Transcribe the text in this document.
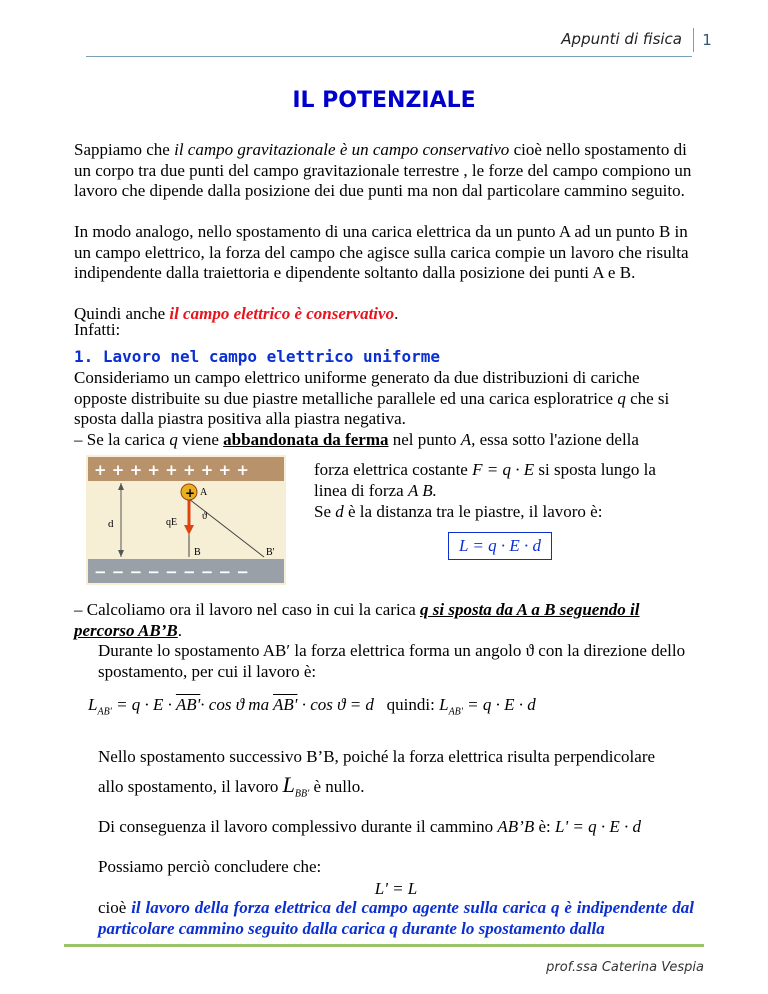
Appunti di fisica	1
IL POTENZIALE

Sappiamo che il campo gravitazionale è un campo conservativo cioè nello spostamento di un corpo tra due punti del campo gravitazionale terrestre , le forze del campo compiono un lavoro che dipende dalla posizione dei due punti ma non dal particolare cammino seguito.

In modo analogo, nello spostamento di una carica elettrica da un punto A ad un punto B in un campo elettrico, la forza del campo che agisce sulla carica compie un lavoro che risulta indipendente dalla traiettoria e dipendente soltanto dalla posizione dei punti A e B.

Quindi anche il campo elettrico è conservativo.

Infatti:

1. Lavoro nel campo elettrico uniforme

Consideriamo un campo elettrico uniforme generato da due distribuzioni di cariche opposte distribuite su due piastre metalliche parallele ed una carica esploratrice q che si sposta dalla piastra positiva alla piastra negativa.

– Se la carica q viene abbandonata da ferma nel punto A, essa sotto l'azione della

+ + + + + + + + +
− − − − − − − − −
d
+ A
qE
ϑ
B	B'

forza elettrica costante F = q · E si sposta lungo la

linea di forza A B.

Se d è la distanza tra le piastre, il lavoro è:

L = q · E · d

– Calcoliamo ora il lavoro nel caso in cui la carica q si sposta da A a B seguendo il percorso AB’B.

Durante lo spostamento AB′ la forza elettrica forma un angolo ϑ con la direzione dello spostamento, per cui il lavoro è:

$L_{AB'} = q \cdot E \cdot AB'\cdot \cos ϑ$ ma AB' · cos ϑ = d quindi: $L_{AB'} = q \cdot E \cdot d$

Nello spostamento successivo B’B, poiché la forza elettrica risulta perpendicolare

allo spostamento, il lavoro $L_{BB'}$ è nullo.

Di conseguenza il lavoro complessivo durante il cammino AB’B è: L' = q · E · d

Possiamo perciò concludere che:

L' = L

cioè il lavoro della forza elettrica del campo agente sulla carica q è indipendente dal particolare cammino seguito dalla carica q durante lo spostamento dalla

prof.ssa Caterina Vespia
